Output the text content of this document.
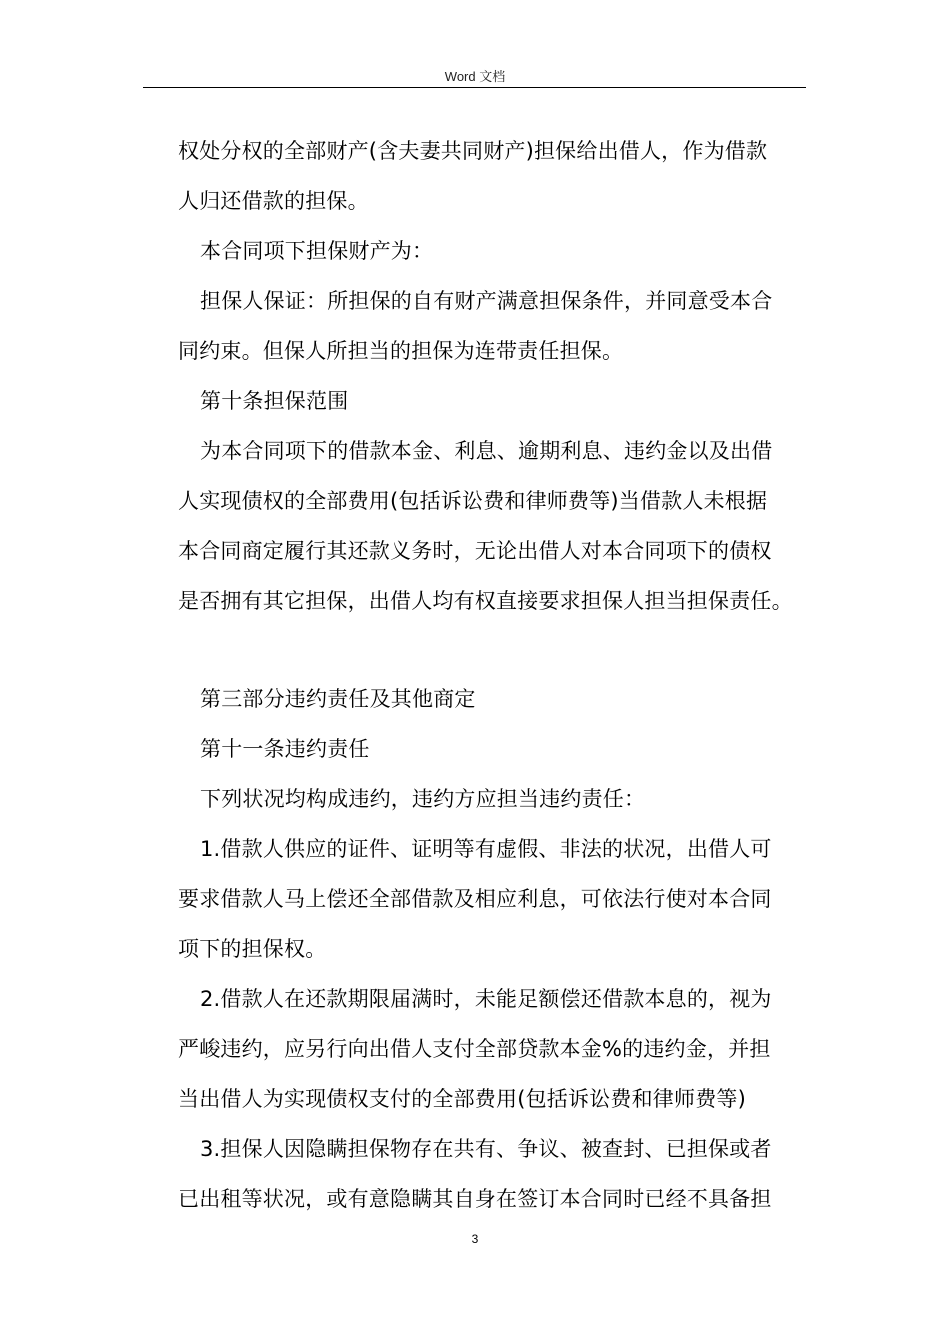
Word 文档
权处分权的全部财产(含夫妻共同财产)担保给出借人，作为借款
人归还借款的担保。
本合同项下担保财产为：
担保人保证：所担保的自有财产满意担保条件，并同意受本合
同约束。但保人所担当的担保为连带责任担保。
第十条担保范围
为本合同项下的借款本金、利息、逾期利息、违约金以及出借
人实现债权的全部费用(包括诉讼费和律师费等)当借款人未根据
本合同商定履行其还款义务时，无论出借人对本合同项下的债权
是否拥有其它担保，出借人均有权直接要求担保人担当担保责任。
第三部分违约责任及其他商定
第十一条违约责任
下列状况均构成违约，违约方应担当违约责任：
1.借款人供应的证件、证明等有虚假、非法的状况，出借人可
要求借款人马上偿还全部借款及相应利息，可依法行使对本合同
项下的担保权。
2.借款人在还款期限届满时，未能足额偿还借款本息的，视为
严峻违约，应另行向出借人支付全部贷款本金%的违约金，并担
当出借人为实现债权支付的全部费用(包括诉讼费和律师费等)
3.担保人因隐瞒担保物存在共有、争议、被查封、已担保或者
已出租等状况，或有意隐瞒其自身在签订本合同时已经不具备担
3
